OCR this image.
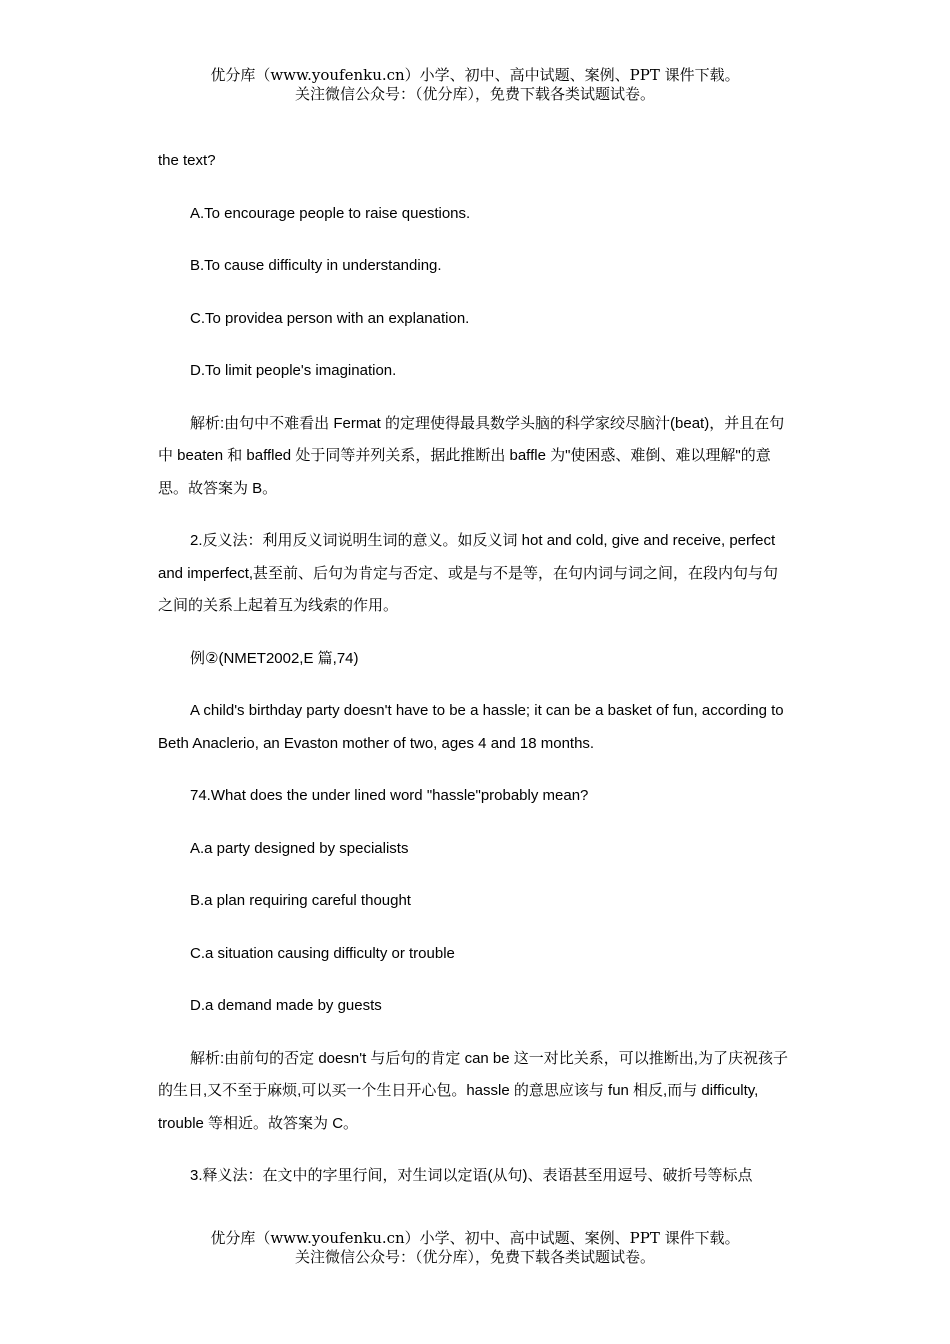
优分库（www.youfenku.cn）小学、初中、高中试题、案例、PPT 课件下载。
关注微信公众号：（优分库），免费下载各类试题试卷。

the text?

A.To encourage people to raise questions.

B.To cause difficulty in understanding.

C.To providea person with an explanation.

D.To limit people's imagination.

解析:由句中不难看出 Fermat 的定理使得最具数学头脑的科学家绞尽脑汁(beat)，并且在句中 beaten 和 baffled 处于同等并列关系，据此推断出 baffle 为"使困惑、难倒、难以理解"的意思。故答案为 B。

2.反义法：利用反义词说明生词的意义。如反义词 hot and cold, give and receive, perfect and imperfect,甚至前、后句为肯定与否定、或是与不是等，在句内词与词之间，在段内句与句之间的关系上起着互为线索的作用。

例②(NMET2002,E 篇,74)

A child's birthday party doesn't have to be a hassle; it can be a basket of fun, according to Beth Anaclerio, an Evaston mother of two, ages 4 and 18 months.

74.What does the under lined word "hassle"probably mean?

A.a party designed by specialists

B.a plan requiring careful thought

C.a situation causing difficulty or trouble

D.a demand made by guests

解析:由前句的否定 doesn't 与后句的肯定 can be 这一对比关系，可以推断出,为了庆祝孩子的生日,又不至于麻烦,可以买一个生日开心包。hassle 的意思应该与 fun 相反,而与 difficulty, trouble 等相近。故答案为 C。

3.释义法：在文中的字里行间，对生词以定语(从句)、表语甚至用逗号、破折号等标点

优分库（www.youfenku.cn）小学、初中、高中试题、案例、PPT 课件下载。
关注微信公众号：（优分库），免费下载各类试题试卷。
